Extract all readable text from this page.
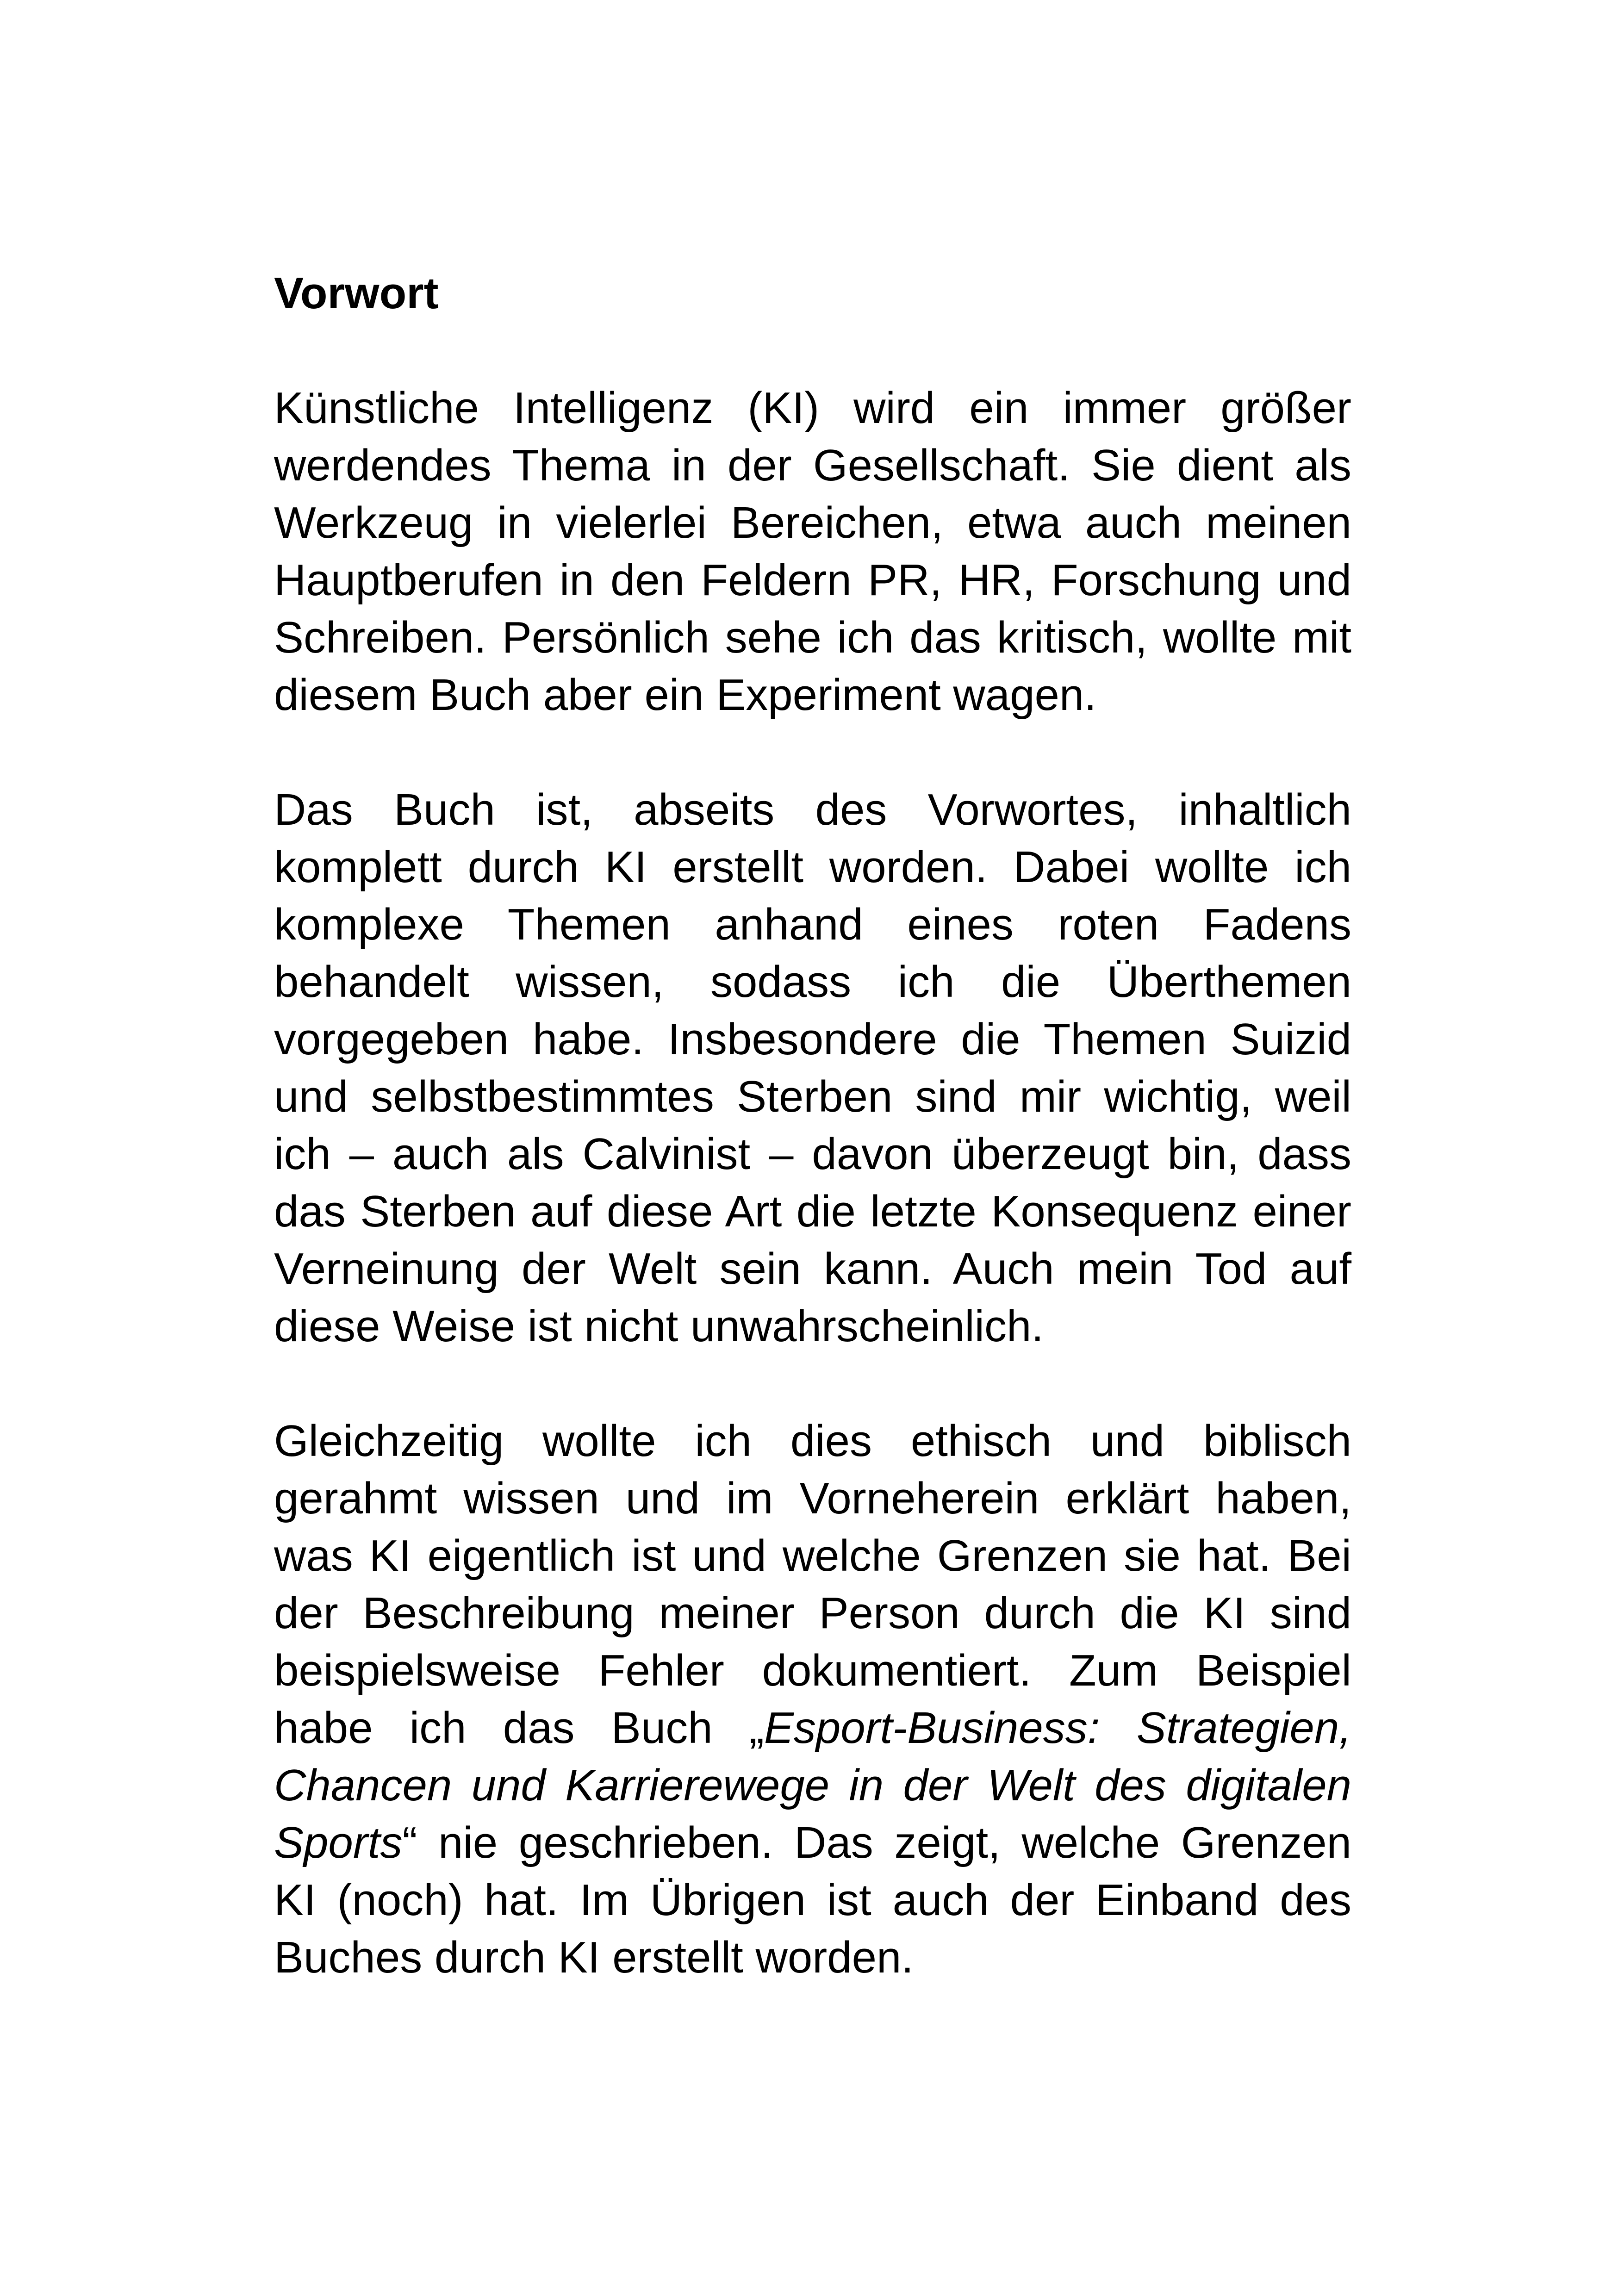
Vorwort

Künstliche Intelligenz (KI) wird ein immer größer werdendes Thema in der Gesellschaft. Sie dient als Werkzeug in vielerlei Bereichen, etwa auch meinen Hauptberufen in den Feldern PR, HR, Forschung und Schreiben. Persönlich sehe ich das kritisch, wollte mit diesem Buch aber ein Experiment wagen.

Das Buch ist, abseits des Vorwortes, inhaltlich komplett durch KI erstellt worden. Dabei wollte ich komplexe Themen anhand eines roten Fadens behandelt wissen, sodass ich die Überthemen vorgegeben habe. Insbesondere die Themen Suizid und selbstbestimmtes Sterben sind mir wichtig, weil ich – auch als Calvinist – davon überzeugt bin, dass das Sterben auf diese Art die letzte Konsequenz einer Verneinung der Welt sein kann. Auch mein Tod auf diese Weise ist nicht unwahrscheinlich.

Gleichzeitig wollte ich dies ethisch und biblisch gerahmt wissen und im Vorneherein erklärt haben, was KI eigentlich ist und welche Grenzen sie hat. Bei der Beschreibung meiner Person durch die KI sind beispielsweise Fehler dokumentiert. Zum Beispiel habe ich das Buch „Esport-Business: Strategien, Chancen und Karrierewege in der Welt des digitalen Sports“ nie geschrieben. Das zeigt, welche Grenzen KI (noch) hat. Im Übrigen ist auch der Einband des Buches durch KI erstellt worden.
